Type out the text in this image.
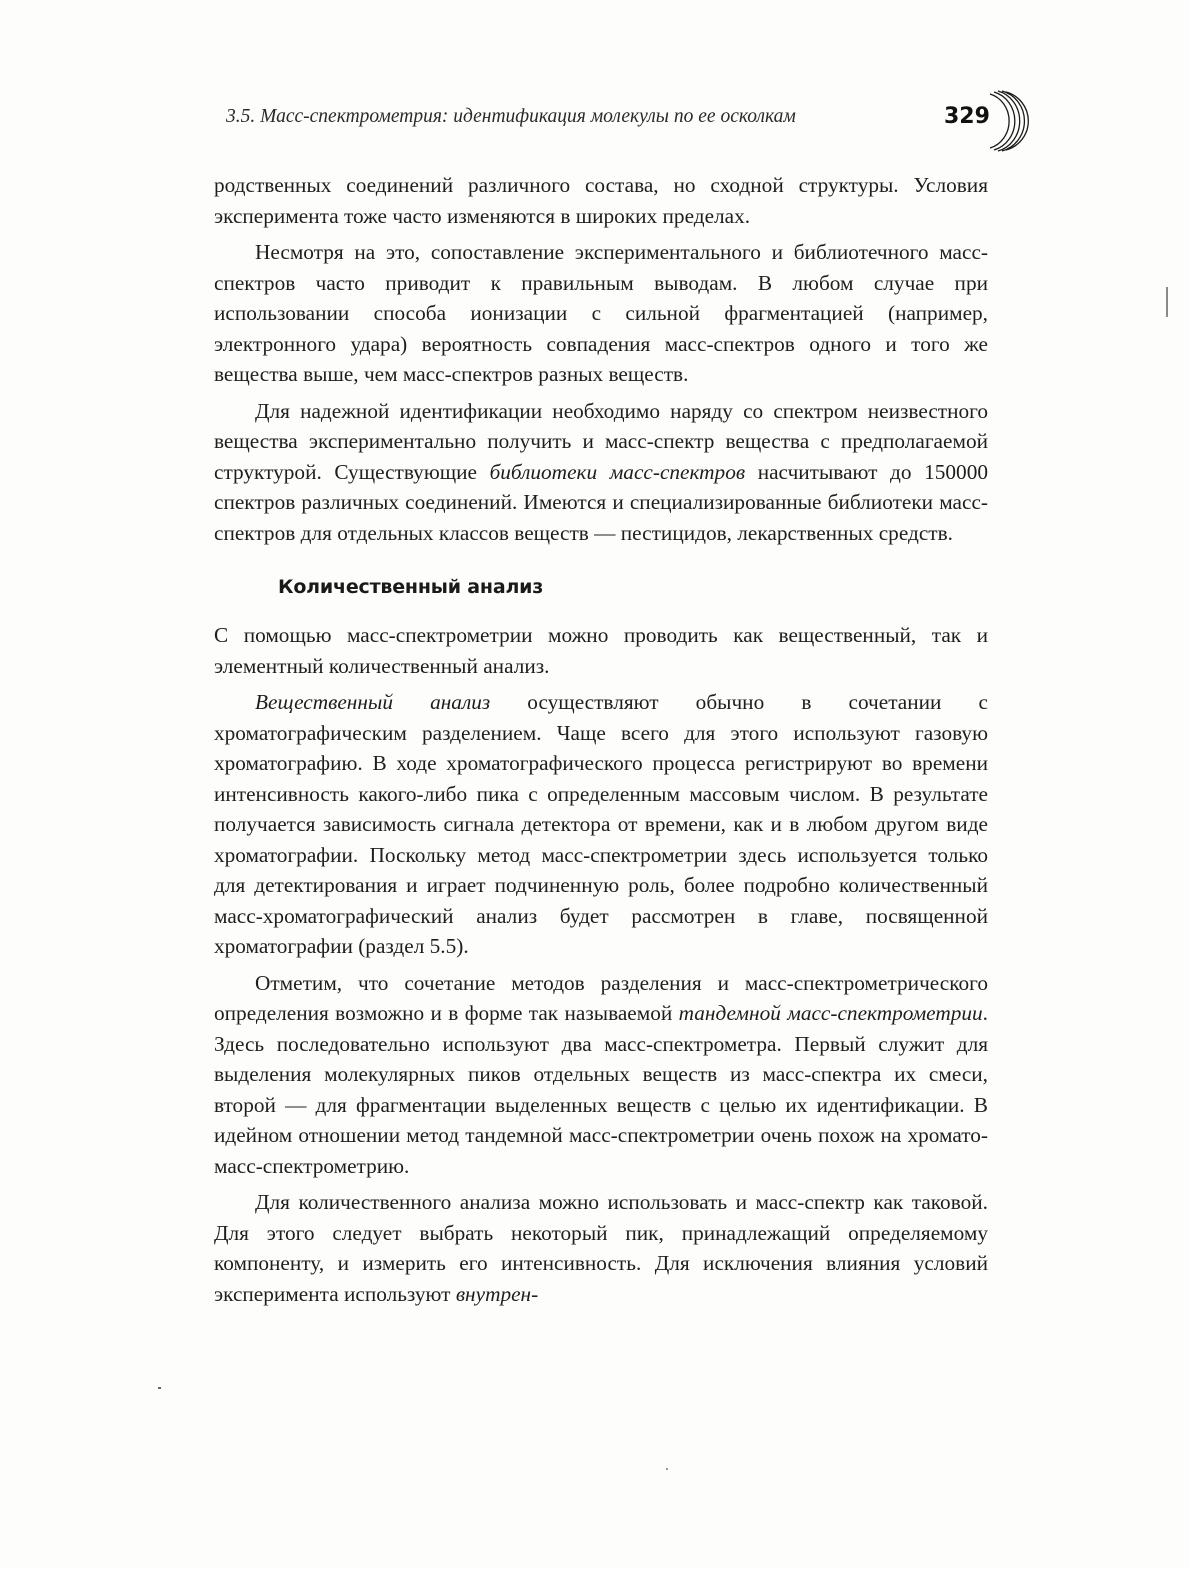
3.5. Масс-спектрометрия: идентификация молекулы по ее осколкам	329

родственных соединений различного состава, но сходной структуры. Условия эксперимента тоже часто изменяются в широких пределах.

Несмотря на это, сопоставление экспериментального и библиотечного масс-спектров часто приводит к правильным выводам. В любом случае при использовании способа ионизации с сильной фрагментацией (например, электронного удара) вероятность совпадения масс-спектров одного и того же вещества выше, чем масс-спектров разных веществ.

Для надежной идентификации необходимо наряду со спектром неизвестного вещества экспериментально получить и масс-спектр вещества с предполагаемой структурой. Существующие библиотеки масс-спектров насчитывают до 150000 спектров различных соединений. Имеются и специализированные библиотеки масс-спектров для отдельных классов веществ — пестицидов, лекарственных средств.

Количественный анализ

С помощью масс-спектрометрии можно проводить как вещественный, так и элементный количественный анализ.

Вещественный анализ осуществляют обычно в сочетании с хроматографическим разделением. Чаще всего для этого используют газовую хроматографию. В ходе хроматографического процесса регистрируют во времени интенсивность какого-либо пика с определенным массовым числом. В результате получается зависимость сигнала детектора от времени, как и в любом другом виде хроматографии. Поскольку метод масс-спектрометрии здесь используется только для детектирования и играет подчиненную роль, более подробно количественный масс-хроматографический анализ будет рассмотрен в главе, посвященной хроматографии (раздел 5.5).

Отметим, что сочетание методов разделения и масс-спектрометрического определения возможно и в форме так называемой тандемной масс-спектрометрии. Здесь последовательно используют два масс-спектрометра. Первый служит для выделения молекулярных пиков отдельных веществ из масс-спектра их смеси, второй — для фрагментации выделенных веществ с целью их идентификации. В идейном отношении метод тандемной масс-спектрометрии очень похож на хромато-масс-спектрометрию.

Для количественного анализа можно использовать и масс-спектр как таковой. Для этого следует выбрать некоторый пик, принадлежащий определяемому компоненту, и измерить его интенсивность. Для исключения влияния условий эксперимента используют внутрен-
